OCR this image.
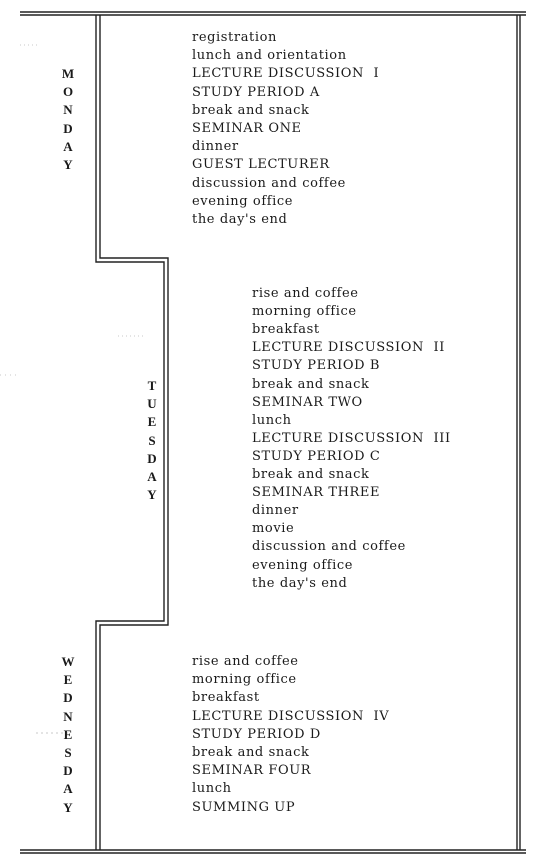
M
O
N
D
A
Y
registration
lunch and orientation
LECTURE DISCUSSION  I
STUDY PERIOD A
break and snack
SEMINAR ONE
dinner
GUEST LECTURER
discussion and coffee
evening office
the day's end
T
U
E
S
D
A
Y
rise and coffee
morning office
breakfast
LECTURE DISCUSSION  II
STUDY PERIOD B
break and snack
SEMINAR TWO
lunch
LECTURE DISCUSSION  III
STUDY PERIOD C
break and snack
SEMINAR THREE
dinner
movie
discussion and coffee
evening office
the day's end
W
E
D
N
E
S
D
A
Y
rise and coffee
morning office
breakfast
LECTURE DISCUSSION  IV
STUDY PERIOD D
break and snack
SEMINAR FOUR
lunch
SUMMING UP
